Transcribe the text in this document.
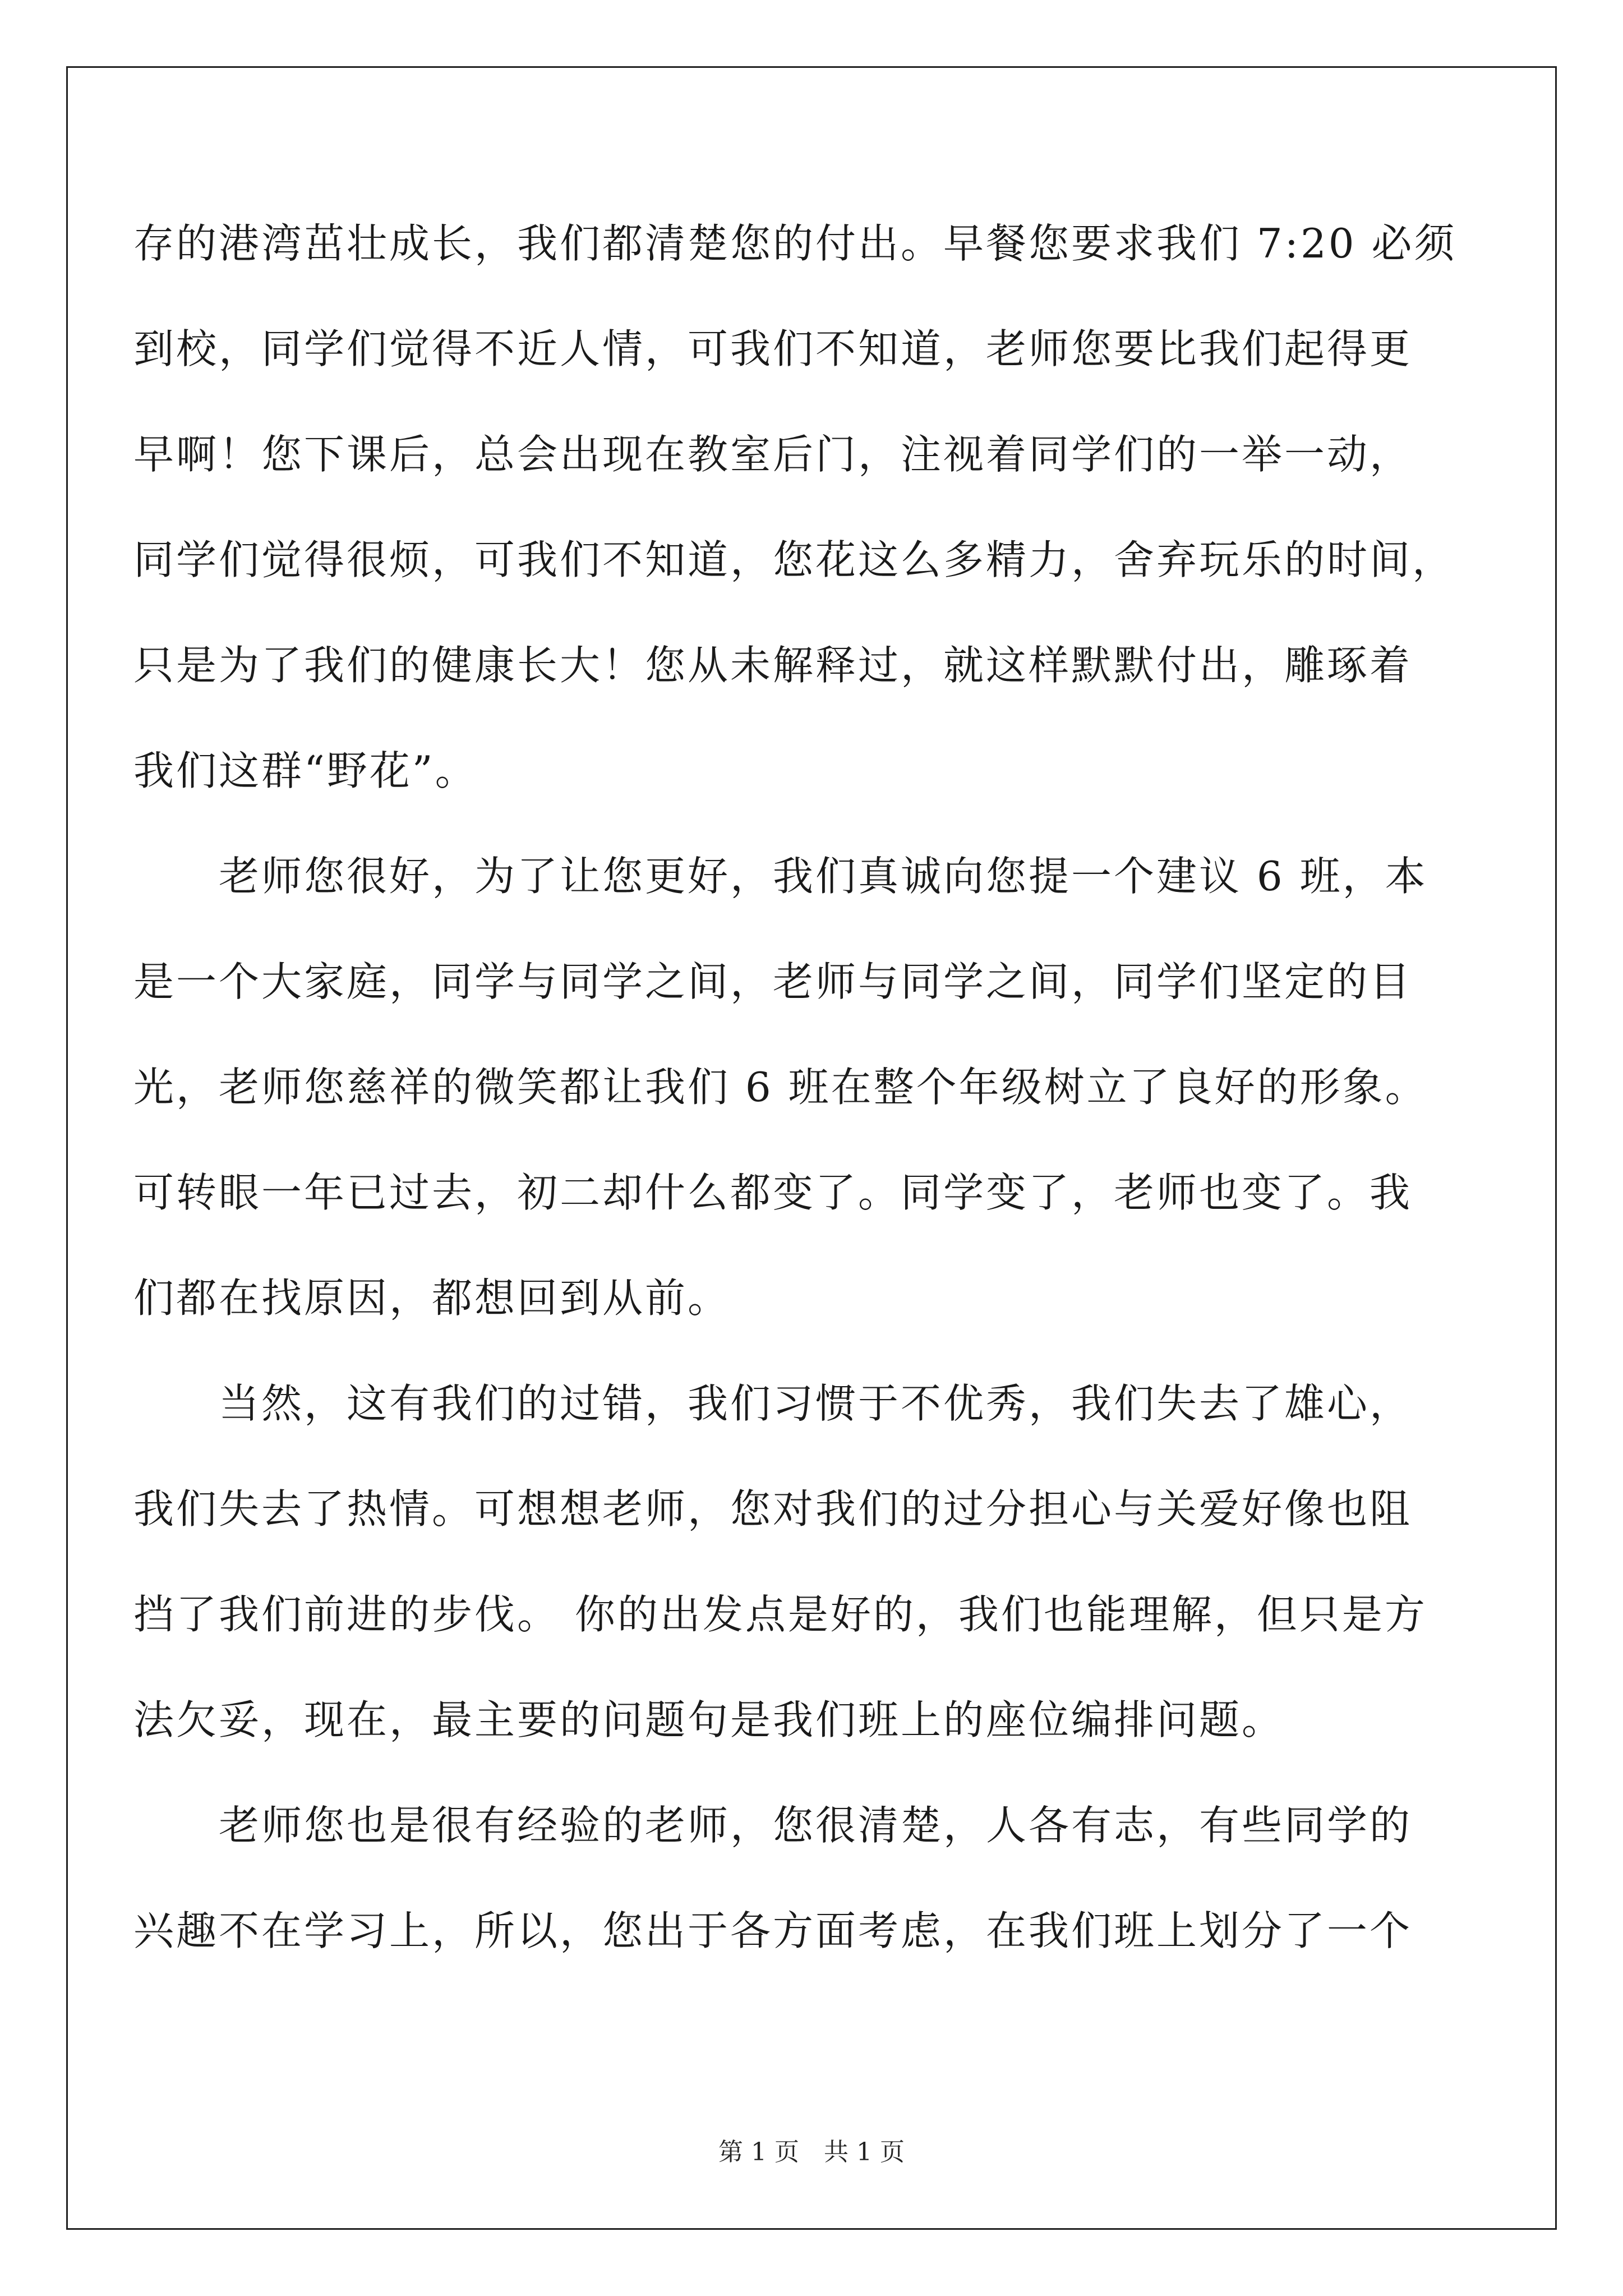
存的港湾茁壮成长，我们都清楚您的付出。早餐您要求我们 7:20 必须

到校，同学们觉得不近人情，可我们不知道，老师您要比我们起得更

早啊！您下课后，总会出现在教室后门，注视着同学们的一举一动，

同学们觉得很烦，可我们不知道，您花这么多精力，舍弃玩乐的时间，

只是为了我们的健康长大！您从未解释过，就这样默默付出，雕琢着

我们这群“野花”。

　　老师您很好，为了让您更好，我们真诚向您提一个建议 6 班，本

是一个大家庭，同学与同学之间，老师与同学之间，同学们坚定的目

光，老师您慈祥的微笑都让我们 6 班在整个年级树立了良好的形象。

可转眼一年已过去，初二却什么都变了。同学变了，老师也变了。我

们都在找原因，都想回到从前。

　　当然，这有我们的过错，我们习惯于不优秀，我们失去了雄心，

我们失去了热情。可想想老师，您对我们的过分担心与关爱好像也阻

挡了我们前进的步伐。 你的出发点是好的，我们也能理解，但只是方

法欠妥，现在，最主要的问题句是我们班上的座位编排问题。

　　老师您也是很有经验的老师，您很清楚，人各有志，有些同学的

兴趣不在学习上，所以，您出于各方面考虑，在我们班上划分了一个

第 1 页　共 1 页
